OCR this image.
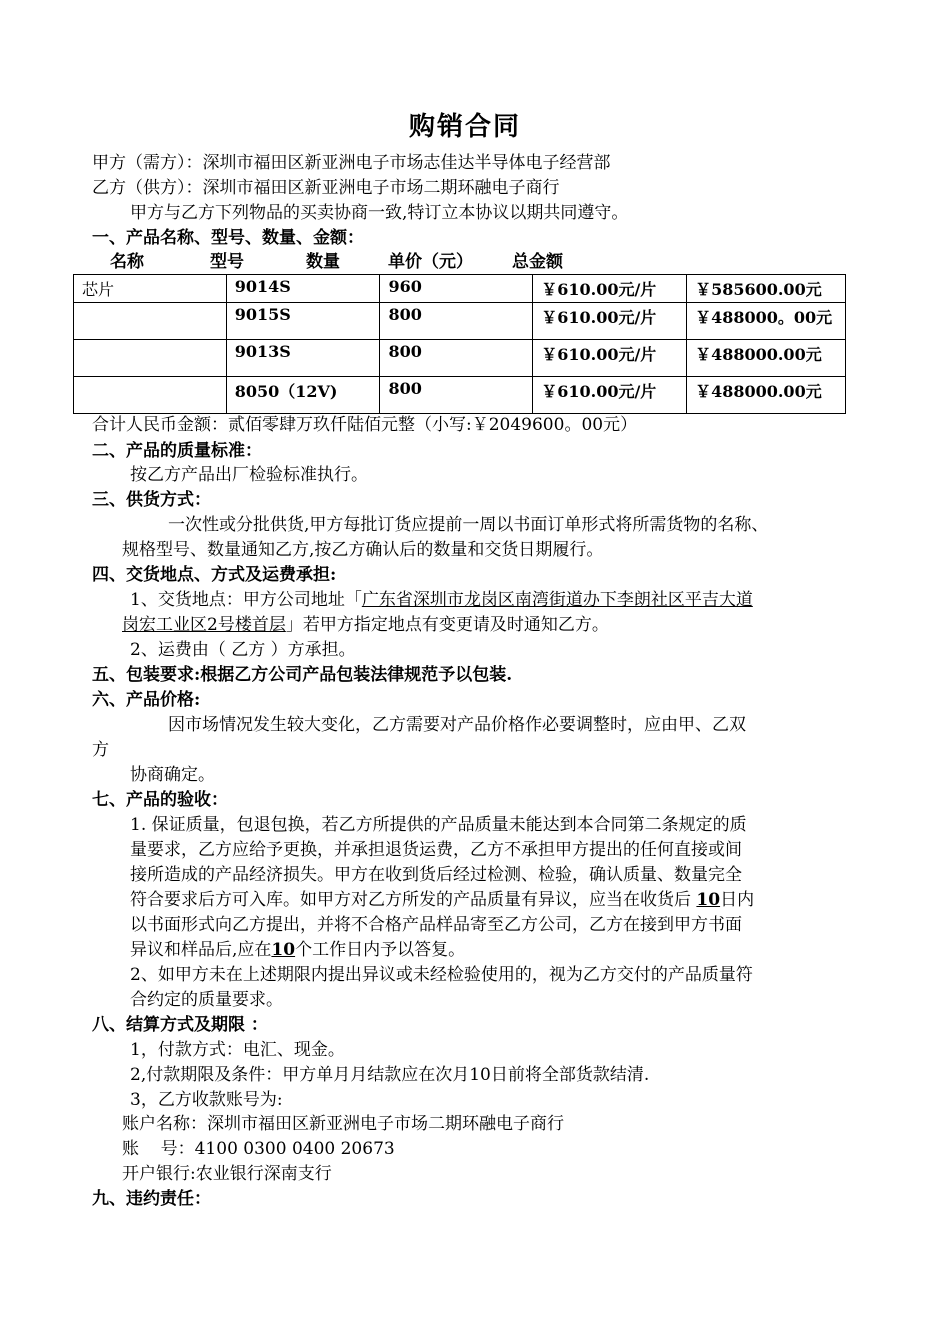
购销合同
甲方（需方）：深圳市福田区新亚洲电子市场志佳达半导体电子经营部
乙方（供方）：深圳市福田区新亚洲电子市场二期环融电子商行
甲方与乙方下列物品的买卖协商一致,特订立本协议以期共同遵守。
一、产品名称、型号、数量、金额：
名称	型号	数量	单价（元） 总金额
芯片	9014S	960	￥610.00元/片	￥585600.00元
	9015S	800	￥610.00元/片	￥488000。00元
	9013S	800	￥610.00元/片	￥488000.00元
	8050（12V)	800	￥610.00元/片	￥488000.00元
合计人民币金额：贰佰零肆万玖仟陆佰元整（小写:￥2049600。00元）
二、产品的质量标准：
按乙方产品出厂检验标准执行。
三、供货方式：
一次性或分批供货,甲方每批订货应提前一周以书面订单形式将所需货物的名称、
规格型号、数量通知乙方,按乙方确认后的数量和交货日期履行。
四、交货地点、方式及运费承担:
1、交货地点：甲方公司地址「广东省深圳市龙岗区南湾街道办下李朗社区平吉大道
岗宏工业区2号楼首层」若甲方指定地点有变更请及时通知乙方。
2、运费由（ 乙方 ）方承担。
五、包装要求:根据乙方公司产品包装法律规范予以包装.
六、产品价格:
因市场情况发生较大变化，乙方需要对产品价格作必要调整时，应由甲、乙双
方
协商确定。
七、产品的验收：
1. 保证质量，包退包换，若乙方所提供的产品质量未能达到本合同第二条规定的质
量要求，乙方应给予更换，并承担退货运费，乙方不承担甲方提出的任何直接或间
接所造成的产品经济损失。甲方在收到货后经过检测、检验，确认质量、数量完全
符合要求后方可入库。如甲方对乙方所发的产品质量有异议，应当在收货后 10日内
以书面形式向乙方提出，并将不合格产品样品寄至乙方公司，乙方在接到甲方书面
异议和样品后,应在10个工作日内予以答复。
2、如甲方未在上述期限内提出异议或未经检验使用的，视为乙方交付的产品质量符
合约定的质量要求。
八、结算方式及期限 ：
1，付款方式：电汇、现金。
2,付款期限及条件：甲方单月月结款应在次月10日前将全部货款结清.
3，乙方收款账号为:
账户名称：深圳市福田区新亚洲电子市场二期环融电子商行
账    号：4100 0300 0400 20673
开户银行:农业银行深南支行
九、违约责任：
